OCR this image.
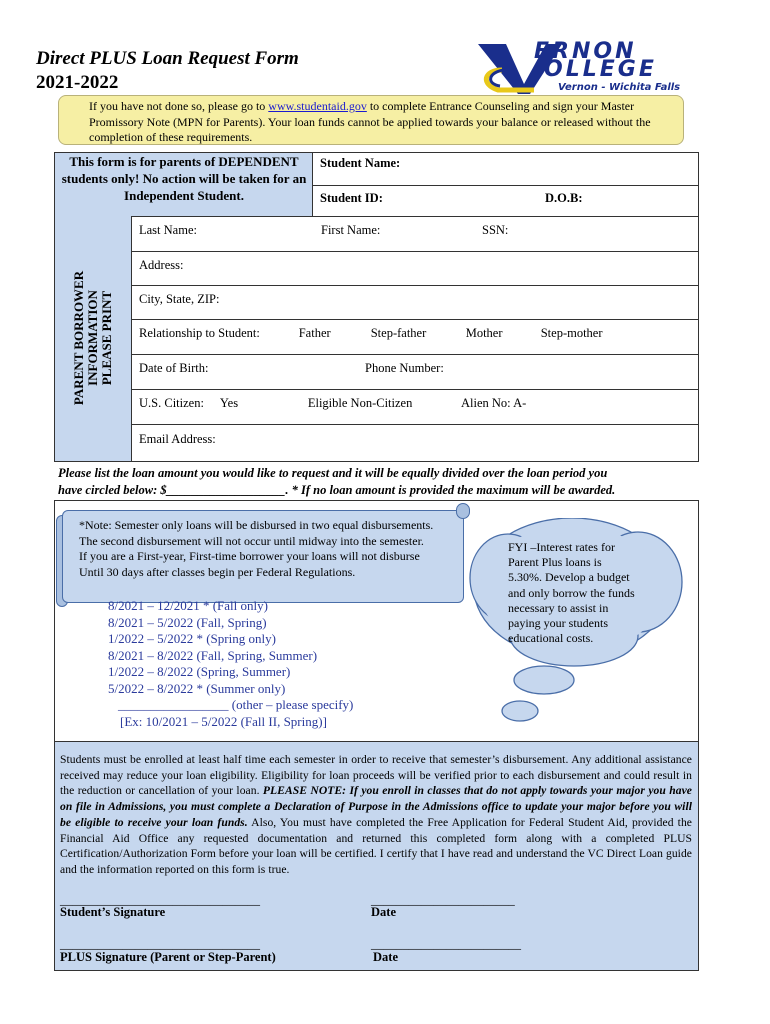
Direct PLUS Loan Request Form
2021-2022
ERNON
OLLEGE
Vernon - Wichita Falls
If you have not done so, please go to www.studentaid.gov to complete Entrance Counseling and sign your Master Promissory Note (MPN for Parents). Your loan funds cannot be applied towards your balance or released without the completion of these requirements.
PARENT BORROWER INFORMATION PLEASE PRINT
This form is for parents of DEPENDENT students only! No action will be taken for an Independent Student.
Student Name:
Student ID:	D.O.B:
Last Name:	First Name:	SSN:
Address:
City, State, ZIP:
Relationship to Student: Father	Step-father	Mother	Step-mother
Date of Birth:	Phone Number:
U.S. Citizen: Yes	Eligible Non-Citizen	Alien No: A-
Email Address:
Please list the loan amount you would like to request and it will be equally divided over the loan period you
have circled below: $___________________. * If no loan amount is provided the maximum will be awarded.
*Note: Semester only loans will be disbursed in two equal disbursements.
The second disbursement will not occur until midway into the semester.
If you are a First-year, First-time borrower your loans will not disburse
Until 30 days after classes begin per Federal Regulations.
8/2021 – 12/2021 * (Fall only)
8/2021 – 5/2022 (Fall, Spring)
1/2022 – 5/2022 * (Spring only)
8/2021 – 8/2022 (Fall, Spring, Summer)
1/2022 – 8/2022 (Spring, Summer)
5/2022 – 8/2022 * (Summer only)
_________________ (other – please specify)
[Ex: 10/2021 – 5/2022 (Fall II, Spring)]
FYI –Interest rates for Parent Plus loans is 5.30%. Develop a budget and only borrow the funds necessary to assist in paying your students educational costs.
Students must be enrolled at least half time each semester in order to receive that semester’s disbursement. Any additional assistance received may reduce your loan eligibility. Eligibility for loan proceeds will be verified prior to each disbursement and could result in the reduction or cancellation of your loan. PLEASE NOTE: If you enroll in classes that do not apply towards your major you have on file in Admissions, you must complete a Declaration of Purpose in the Admissions office to update your major before you will be eligible to receive your loan funds. Also, You must have completed the Free Application for Federal Student Aid, provided the Financial Aid Office any requested documentation and returned this completed form along with a completed PLUS Certification/Authorization Form before your loan will be certified. I certify that I have read and understand the VC Direct Loan guide and the information reported on this form is true.
________________________________	_______________________
Student’s Signature	Date
________________________________	________________________
PLUS Signature (Parent or Step-Parent)	Date
